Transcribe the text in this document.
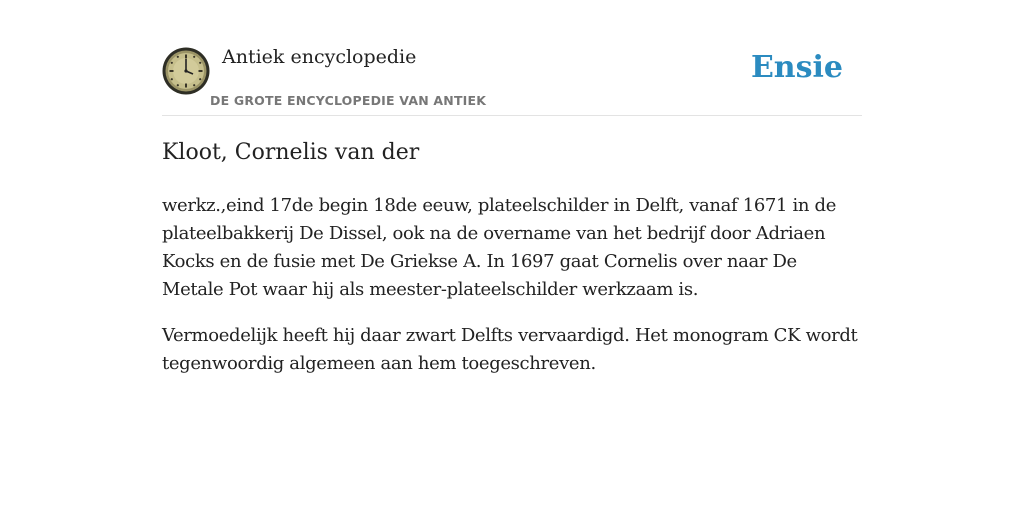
Antiek encyclopedie
DE GROTE ENCYCLOPEDIE VAN ANTIEK
Ensie
Kloot, Cornelis van der

werkz.,eind 17de begin 18de eeuw, plateelschilder in Delft, vanaf 1671 in de plateelbakkerij De Dissel, ook na de overname van het bedrijf door Adriaen Kocks en de fusie met De Griekse A. In 1697 gaat Cornelis over naar De Metale Pot waar hij als meester-plateelschilder werkzaam is.

Vermoedelijk heeft hij daar zwart Delfts vervaardigd. Het monogram CK wordt tegenwoordig algemeen aan hem toegeschreven.
